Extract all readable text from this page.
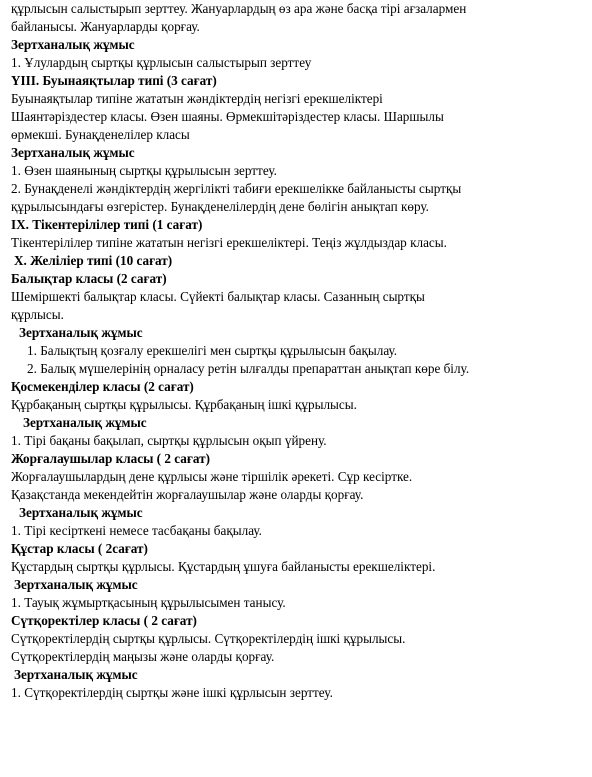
құрлысын салыстырып зерттеу. Жануарлардың өз ара және басқа тірі ағзалармен
байланысы. Жануарларды қорғау.
Зертханалық жұмыс
1. Ұлулардың сыртқы құрлысын салыстырып зерттеу
ҮІІІ. Буынаяқтылар типі (3 сағат)
Буынаяқтылар типіне жататын жәндіктердің негізгі ерекшеліктері
Шаянтәріздестер класы. Өзен шаяны. Өрмекшітәріздестер класы. Шаршылы
өрмекші. Бунақденелілер класы
Зертханалық жұмыс
1. Өзен шаянының сыртқы құрылысын зерттеу.
2. Бунақденелі жәндіктердің жергілікті табиғи ерекшелікке байланысты сыртқы
құрылысындағы өзгерістер. Бунақденелілердің дене бөлігін анықтап көру.
IX. Тікентерілілер типі (1 сағат)
Тікентерілілер типіне жататын негізгі ерекшеліктері. Теңіз жұлдыздар класы.
X. Желіліер типі (10 сағат)
Балықтар класы (2 сағат)
Шеміршекті балықтар класы. Сүйекті балықтар класы. Сазанның сыртқы
құрлысы.
Зертханалық жұмыс
1. Балықтың қозғалу ерекшелігі мен сыртқы құрылысын бақылау.
2. Балық мүшелерінің орналасу ретін ылғалды препараттан анықтап көре білу.
Қосмекенділер класы (2 сағат)
Құрбақаның сыртқы құрылысы. Құрбақаның ішкі құрылысы.
Зертханалық жұмыс
1. Тірі бақаны бақылап, сыртқы құрлысын оқып үйрену.
Жорғалаушылар класы ( 2 сағат)
Жорғалаушылардың дене құрлысы және тіршілік әрекеті. Сұр кесіртке.
Қазақстанда мекендейтін жорғалаушылар және оларды қорғау.
Зертханалық жұмыс
1. Тірі кесірткені немесе тасбақаны бақылау.
Құстар класы ( 2сағат)
Құстардың сыртқы құрлысы. Құстардың ұшуға байланысты ерекшеліктері.
Зертханалық жұмыс
1. Тауық жұмыртқасының құрылысымен танысу.
Сүтқоректілер класы ( 2 сағат)
Сүтқоректілердің сыртқы құрлысы. Сүтқоректілердің ішкі құрылысы.
Сүтқоректілердің маңызы және оларды қорғау.
Зертханалық жұмыс
1. Сүтқоректілердің сыртқы және ішкі құрлысын зерттеу.
